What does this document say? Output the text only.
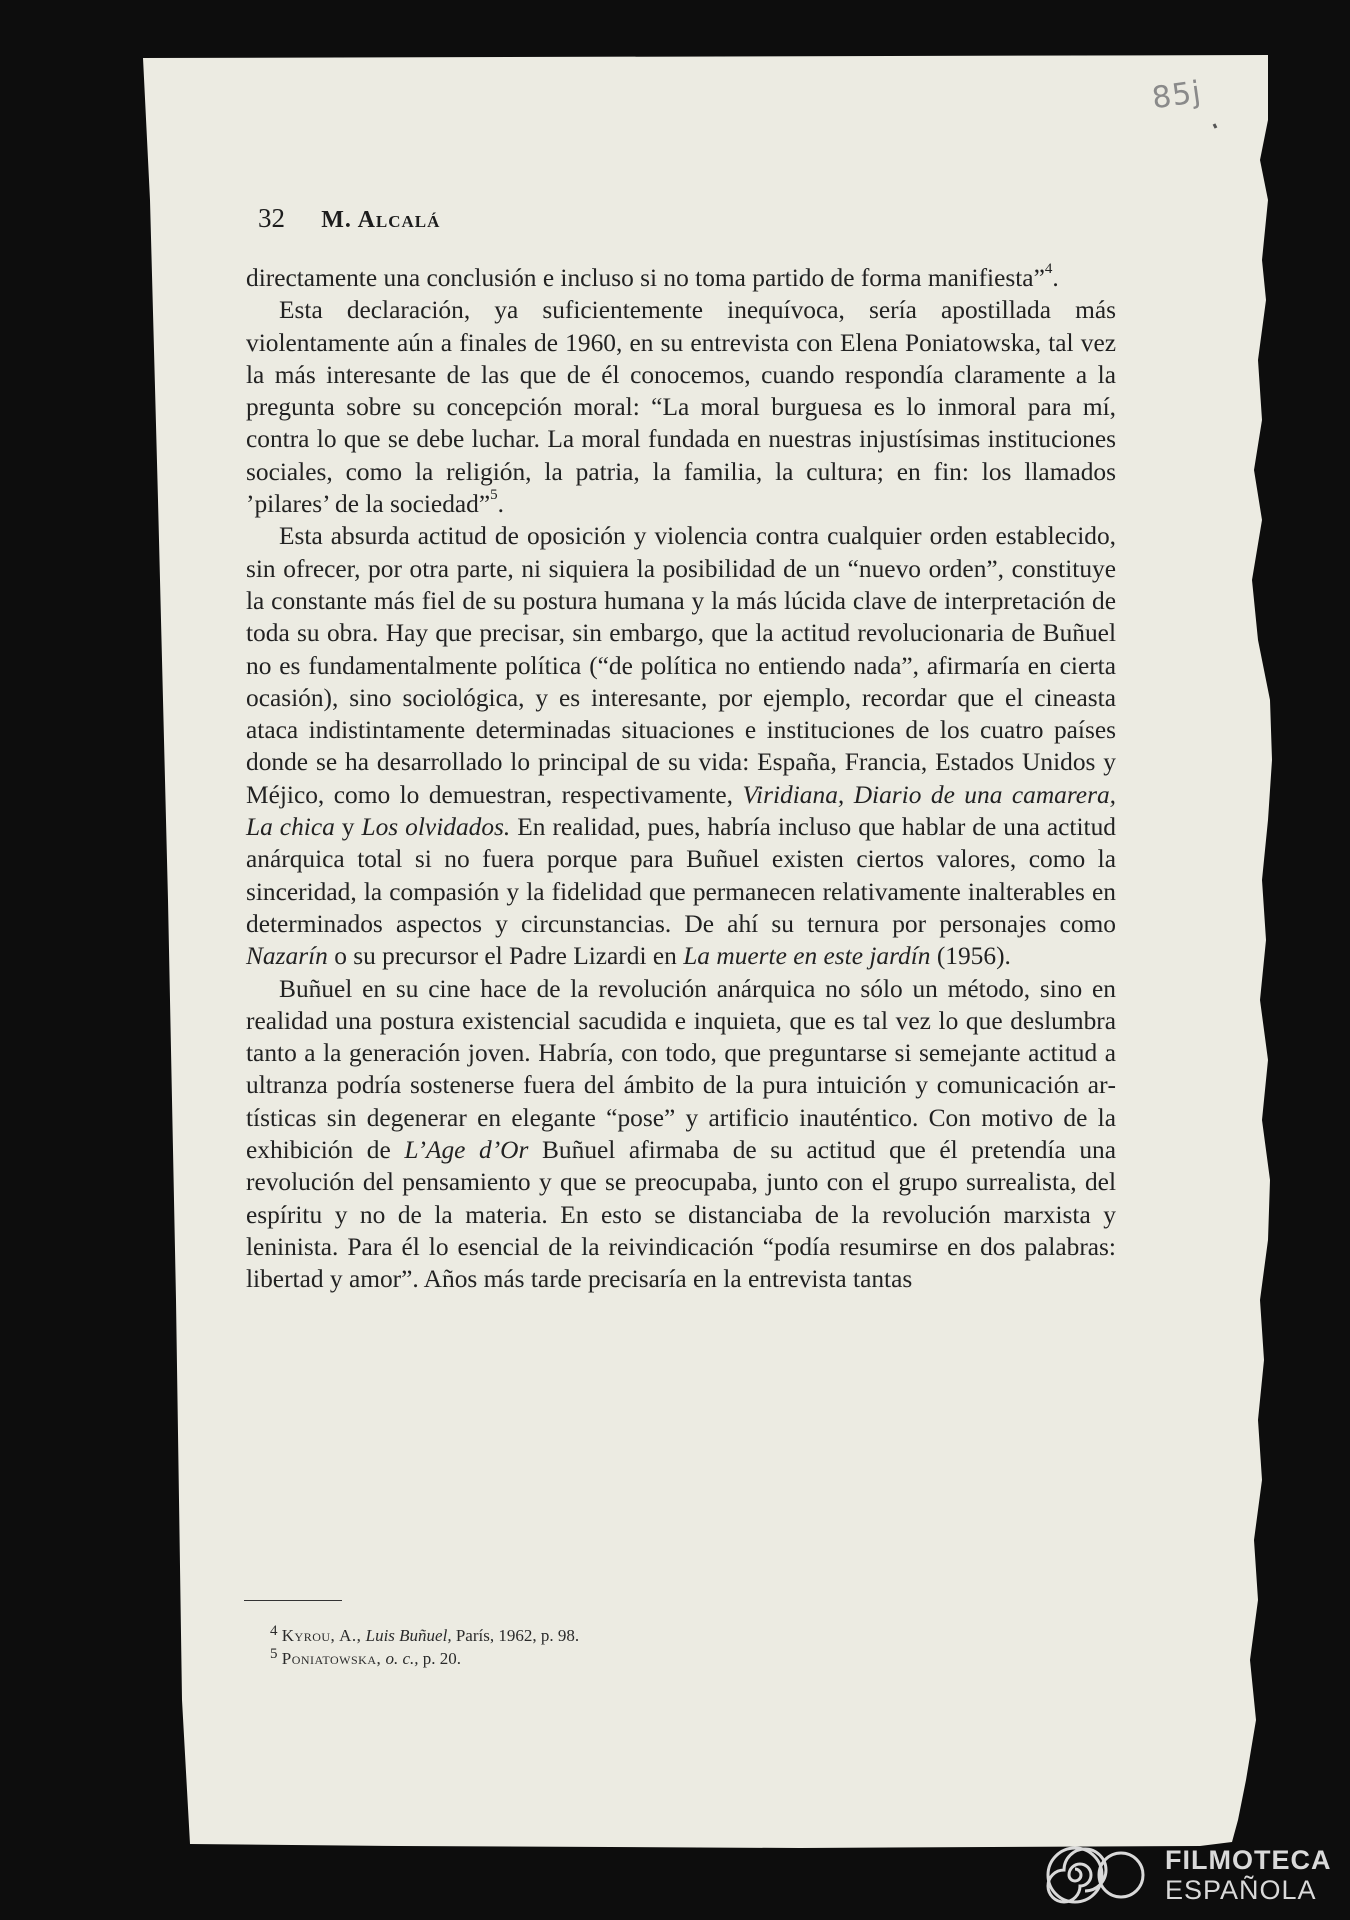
85j
32 M. Alcalá

directamente una conclusión e incluso si no toma partido de forma manifiesta”$^4$.

Esta declaración, ya suficientemente inequívoca, sería apostillada más violentamente aún a finales de 1960, en su entrevista con Elena Poniatowska, tal vez la más interesante de las que de él conocemos, cuando respondía claramente a la pregunta sobre su concepción moral: “La moral burguesa es lo inmoral para mí, contra lo que se debe luchar. La moral fundada en nuestras injustísimas instituciones sociales, como la religión, la patria, la familia, la cultura; en fin: los llamados ’pilares’ de la sociedad”$^5$.

Esta absurda actitud de oposición y violencia contra cualquier orden establecido, sin ofrecer, por otra parte, ni siquiera la posibilidad de un “nuevo orden”, constituye la constante más fiel de su postura humana y la más lúcida clave de interpretación de toda su obra. Hay que precisar, sin embargo, que la actitud revolucionaria de Buñuel no es fundamentalmente política (“de política no entiendo nada”, afirmaría en cierta ocasión), sino sociológica, y es interesante, por ejemplo, recordar que el cineasta ataca indistintamente determinadas situaciones e instituciones de los cuatro países donde se ha desarrollado lo principal de su vida: España, Francia, Estados Unidos y Méjico, como lo demuestran, respectivamente, Viridiana, Diario de una camarera, La chica y Los olvidados. En realidad, pues, habría incluso que hablar de una actitud anárquica total si no fuera porque para Buñuel existen ciertos valores, como la sinceridad, la compasión y la fidelidad que permanecen relativamente inalterables en determinados aspectos y circunstancias. De ahí su ternura por personajes como Nazarín o su precursor el Padre Lizardi en La muerte en este jardín (1956).

Buñuel en su cine hace de la revolución anárquica no sólo un método, sino en realidad una postura existencial sacudida e inquieta, que es tal vez lo que deslumbra tanto a la generación joven. Habría, con todo, que preguntarse si semejante actitud a ultranza podría sostenerse fuera del ámbito de la pura intuición y comunicación artísticas sin degenerar en elegante “pose” y artificio inauténtico. Con motivo de la exhibición de L’Age d’Or Buñuel afirmaba de su actitud que él pretendía una revolución del pensamiento y que se preocupaba, junto con el grupo surrealista, del espíritu y no de la materia. En esto se distanciaba de la revolución marxista y leninista. Para él lo esencial de la reivindicación “podía resumirse en dos palabras: libertad y amor”. Años más tarde precisaría en la entrevista tantas

$^4$ Kyrou, A., Luis Buñuel, París, 1962, p. 98.
$^5$ Poniatowska, o. c., p. 20.
FILMOTECA
ESPAÑOLA
